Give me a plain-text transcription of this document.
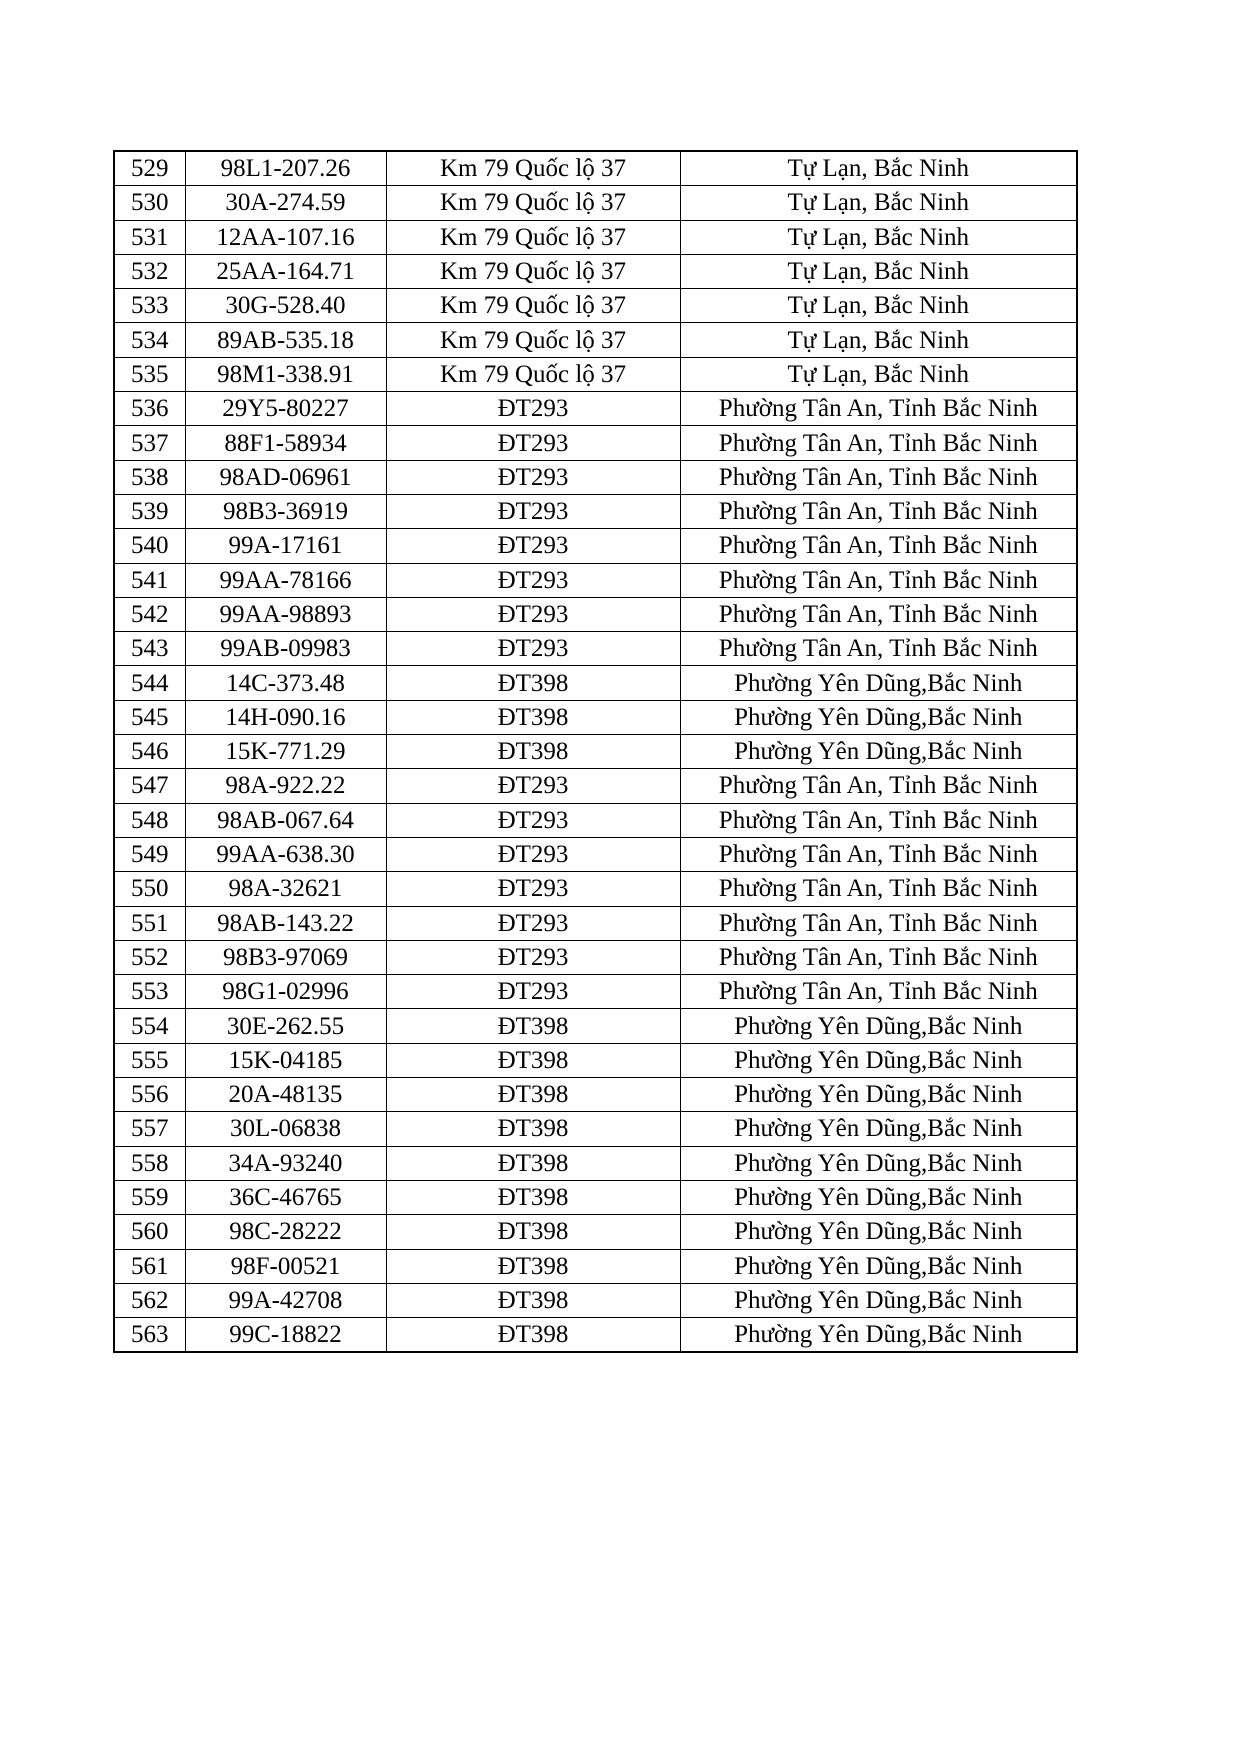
529	98L1-207.26	Km 79 Quốc lộ 37	Tự Lạn, Bắc Ninh
530	30A-274.59	Km 79 Quốc lộ 37	Tự Lạn, Bắc Ninh
531	12AA-107.16	Km 79 Quốc lộ 37	Tự Lạn, Bắc Ninh
532	25AA-164.71	Km 79 Quốc lộ 37	Tự Lạn, Bắc Ninh
533	30G-528.40	Km 79 Quốc lộ 37	Tự Lạn, Bắc Ninh
534	89AB-535.18	Km 79 Quốc lộ 37	Tự Lạn, Bắc Ninh
535	98M1-338.91	Km 79 Quốc lộ 37	Tự Lạn, Bắc Ninh
536	29Y5-80227	ĐT293	Phường Tân An, Tỉnh Bắc Ninh
537	88F1-58934	ĐT293	Phường Tân An, Tỉnh Bắc Ninh
538	98AD-06961	ĐT293	Phường Tân An, Tỉnh Bắc Ninh
539	98B3-36919	ĐT293	Phường Tân An, Tỉnh Bắc Ninh
540	99A-17161	ĐT293	Phường Tân An, Tỉnh Bắc Ninh
541	99AA-78166	ĐT293	Phường Tân An, Tỉnh Bắc Ninh
542	99AA-98893	ĐT293	Phường Tân An, Tỉnh Bắc Ninh
543	99AB-09983	ĐT293	Phường Tân An, Tỉnh Bắc Ninh
544	14C-373.48	ĐT398	Phường Yên Dũng,Bắc Ninh
545	14H-090.16	ĐT398	Phường Yên Dũng,Bắc Ninh
546	15K-771.29	ĐT398	Phường Yên Dũng,Bắc Ninh
547	98A-922.22	ĐT293	Phường Tân An, Tỉnh Bắc Ninh
548	98AB-067.64	ĐT293	Phường Tân An, Tỉnh Bắc Ninh
549	99AA-638.30	ĐT293	Phường Tân An, Tỉnh Bắc Ninh
550	98A-32621	ĐT293	Phường Tân An, Tỉnh Bắc Ninh
551	98AB-143.22	ĐT293	Phường Tân An, Tỉnh Bắc Ninh
552	98B3-97069	ĐT293	Phường Tân An, Tỉnh Bắc Ninh
553	98G1-02996	ĐT293	Phường Tân An, Tỉnh Bắc Ninh
554	30E-262.55	ĐT398	Phường Yên Dũng,Bắc Ninh
555	15K-04185	ĐT398	Phường Yên Dũng,Bắc Ninh
556	20A-48135	ĐT398	Phường Yên Dũng,Bắc Ninh
557	30L-06838	ĐT398	Phường Yên Dũng,Bắc Ninh
558	34A-93240	ĐT398	Phường Yên Dũng,Bắc Ninh
559	36C-46765	ĐT398	Phường Yên Dũng,Bắc Ninh
560	98C-28222	ĐT398	Phường Yên Dũng,Bắc Ninh
561	98F-00521	ĐT398	Phường Yên Dũng,Bắc Ninh
562	99A-42708	ĐT398	Phường Yên Dũng,Bắc Ninh
563	99C-18822	ĐT398	Phường Yên Dũng,Bắc Ninh
